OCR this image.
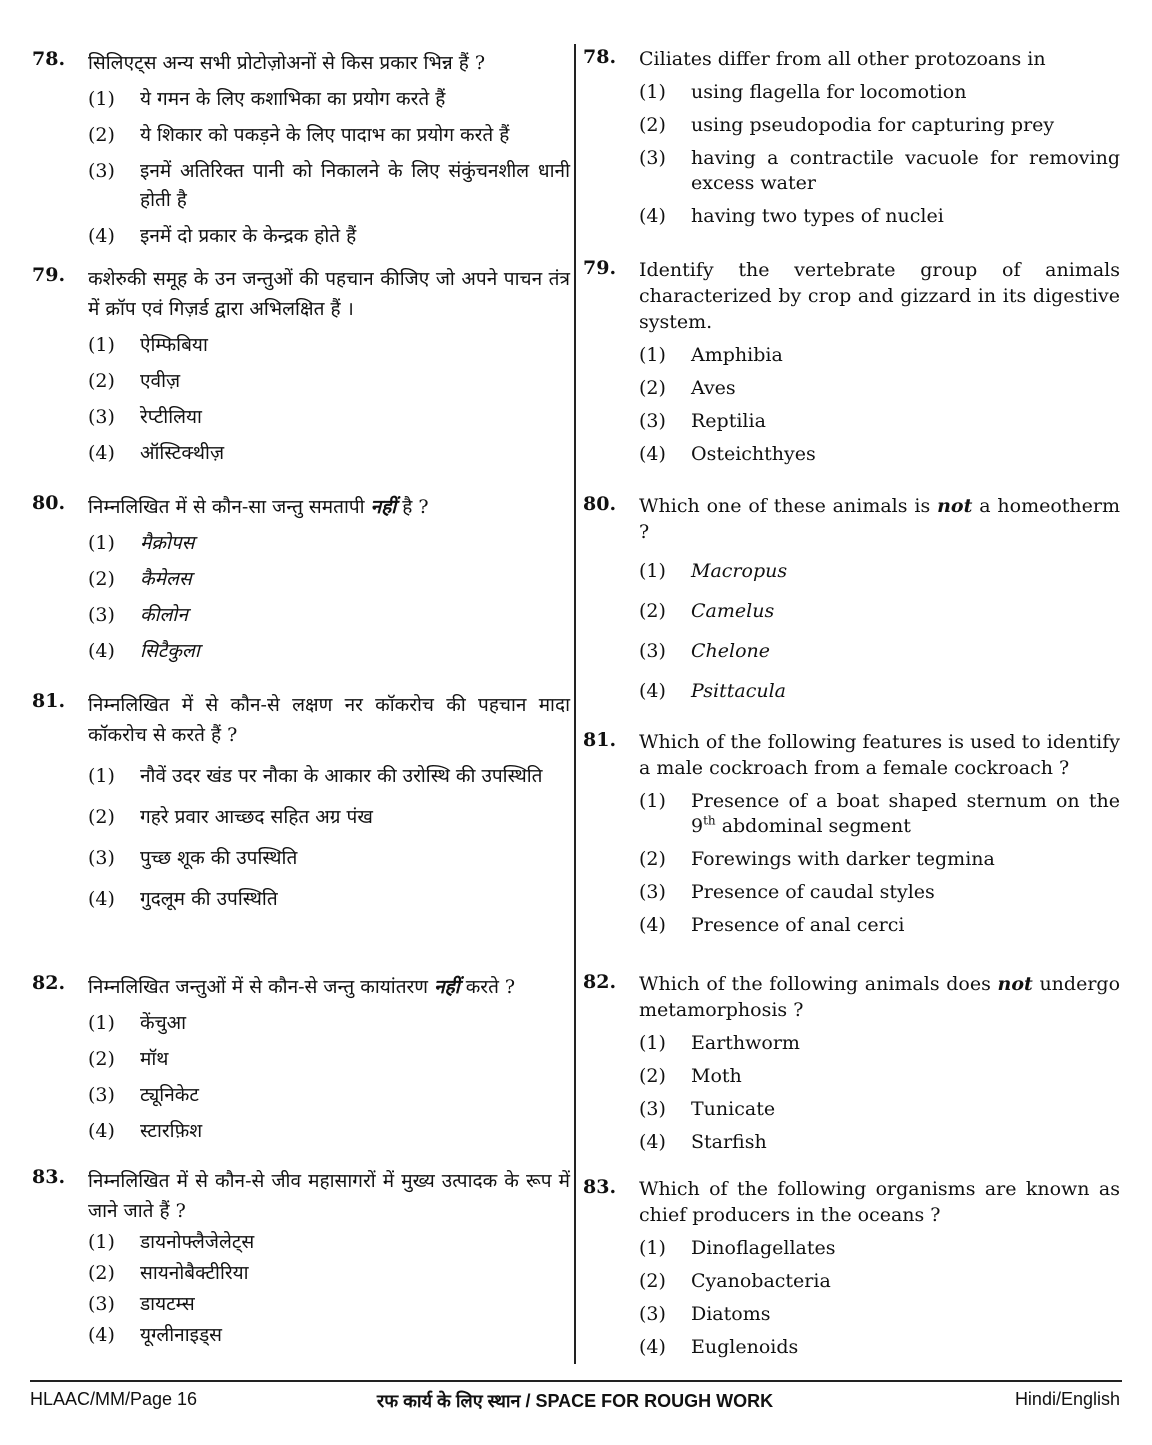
78. सिलिएट्स अन्य सभी प्रोटोज़ोअनों से किस प्रकार भिन्न हैं ?
(1)	ये गमन के लिए कशाभिका का प्रयोग करते हैं
(2)	ये शिकार को पकड़ने के लिए पादाभ का प्रयोग करते हैं
(3)	इनमें अतिरिक्त पानी को निकालने के लिए संकुंचनशील धानी होती है
(4)	इनमें दो प्रकार के केन्द्रक होते हैं
79. कशेरुकी समूह के उन जन्तुओं की पहचान कीजिए जो अपने पाचन तंत्र में क्रॉप एवं गिज़र्ड द्वारा अभिलक्षित हैं ।
(1)	ऐम्फिबिया
(2)	एवीज़
(3)	रेप्टीलिया
(4)	ऑस्टिक्थीज़
80. निम्नलिखित में से कौन-सा जन्तु समतापी नहीं है ?
(1)	मैक्रोपस
(2)	कैमेलस
(3)	कीलोन
(4)	सिटैकुला
81. निम्नलिखित में से कौन-से लक्षण नर कॉकरोच की पहचान मादा कॉकरोच से करते हैं ?
(1)	नौवें उदर खंड पर नौका के आकार की उरोस्थि की उपस्थिति
(2)	गहरे प्रवार आच्छद सहित अग्र पंख
(3)	पुच्छ शूक की उपस्थिति
(4)	गुदलूम की उपस्थिति
82. निम्नलिखित जन्तुओं में से कौन-से जन्तु कायांतरण नहीं करते ?
(1)	केंचुआ
(2)	मॉथ
(3)	ट्यूनिकेट
(4)	स्टारफ़िश
83. निम्नलिखित में से कौन-से जीव महासागरों में मुख्य उत्पादक के रूप में जाने जाते हैं ?
(1)	डायनोफ्लैजेलेट्स
(2)	सायनोबैक्टीरिया
(3)	डायटम्स
(4)	यूग्लीनाइड्स
78. Ciliates differ from all other protozoans in
(1)	using flagella for locomotion
(2)	using pseudopodia for capturing prey
(3)	having a contractile vacuole for removing excess water
(4)	having two types of nuclei
79. Identify the vertebrate group of animals characterized by crop and gizzard in its digestive system.
(1)	Amphibia
(2)	Aves
(3)	Reptilia
(4)	Osteichthyes
80. Which one of these animals is not a homeotherm ?
(1)	Macropus
(2)	Camelus
(3)	Chelone
(4)	Psittacula
81. Which of the following features is used to identify a male cockroach from a female cockroach ?
(1)	Presence of a boat shaped sternum on the 9th abdominal segment
(2)	Forewings with darker tegmina
(3)	Presence of caudal styles
(4)	Presence of anal cerci
82. Which of the following animals does not undergo metamorphosis ?
(1)	Earthworm
(2)	Moth
(3)	Tunicate
(4)	Starfish
83. Which of the following organisms are known as chief producers in the oceans ?
(1)	Dinoflagellates
(2)	Cyanobacteria
(3)	Diatoms
(4)	Euglenoids
HLAAC/MM/Page 16	रफ कार्य के लिए स्थान / SPACE FOR ROUGH WORK	Hindi/English
